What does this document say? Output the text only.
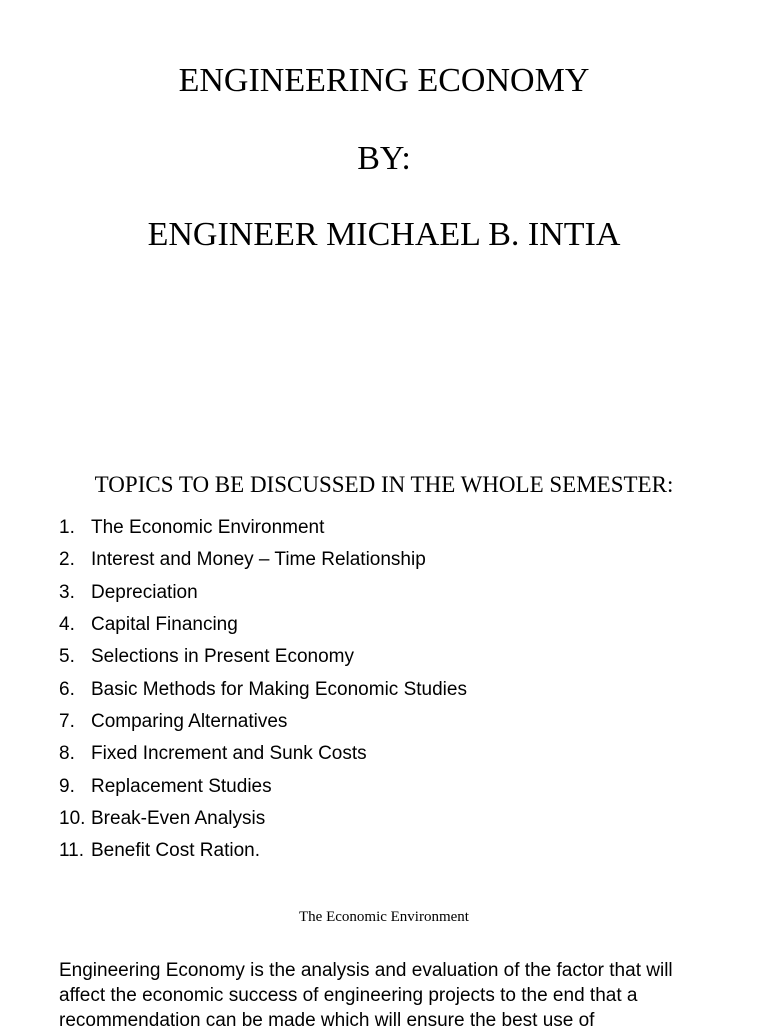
ENGINEERING ECONOMY
BY:
ENGINEER MICHAEL B. INTIA
TOPICS TO BE DISCUSSED IN THE WHOLE SEMESTER:
1. The Economic Environment
2. Interest and Money – Time Relationship
3. Depreciation
4. Capital Financing
5. Selections in Present Economy
6. Basic Methods for Making Economic Studies
7. Comparing Alternatives
8. Fixed Increment and Sunk Costs
9. Replacement Studies
10. Break-Even Analysis
11. Benefit Cost Ration.
The Economic Environment

Engineering Economy is the analysis and evaluation of the factor that will affect the economic success of engineering projects to the end that a recommendation can be made which will ensure the best use of
